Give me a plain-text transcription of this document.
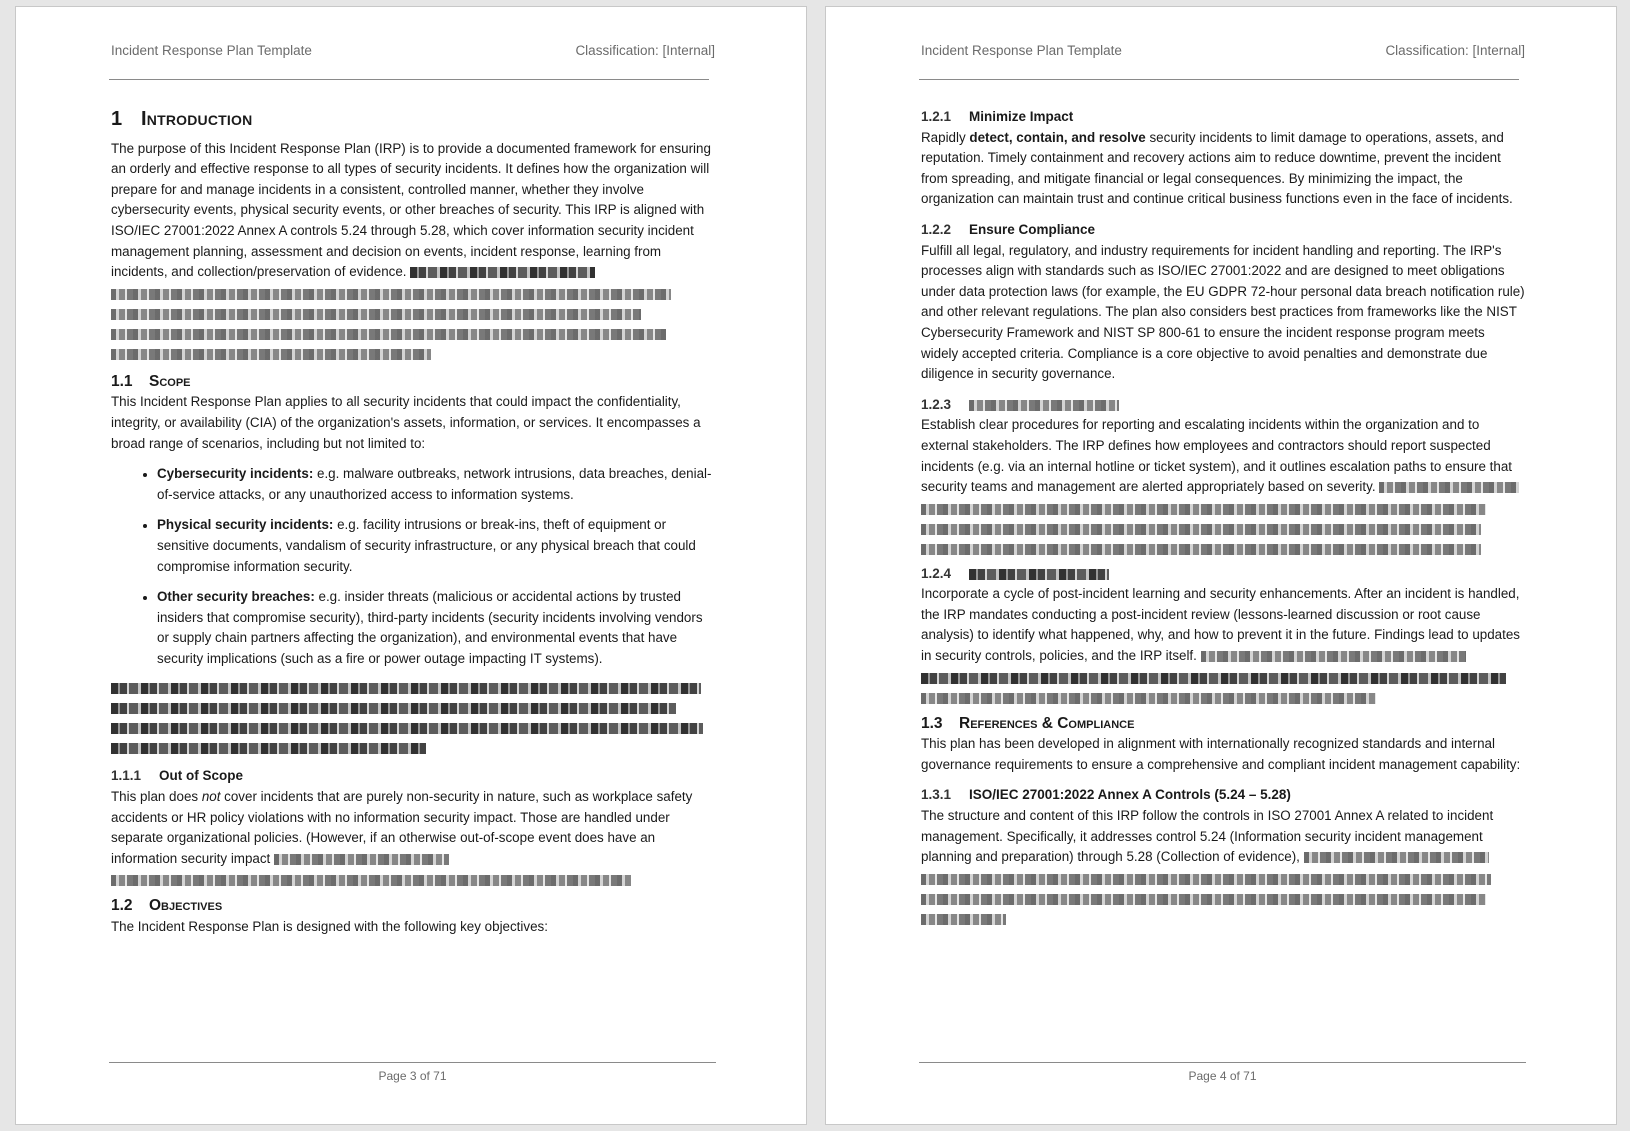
Incident Response Plan Template	Classification: [Internal]
1 Introduction

The purpose of this Incident Response Plan (IRP) is to provide a documented framework for ensuring an orderly and effective response to all types of security incidents. It defines how the organization will prepare for and manage incidents in a consistent, controlled manner, whether they involve cybersecurity events, physical security events, or other breaches of security. This IRP is aligned with ISO/IEC 27001:2022 Annex A controls 5.24 through 5.28, which cover information security incident management planning, assessment and decision on events, incident response, learning from incidents, and collection/preservation of evidence.

1.1 Scope

This Incident Response Plan applies to all security incidents that could impact the confidentiality, integrity, or availability (CIA) of the organization's assets, information, or services. It encompasses a broad range of scenarios, including but not limited to:

• Cybersecurity incidents: e.g. malware outbreaks, network intrusions, data breaches, denial-of-service attacks, or any unauthorized access to information systems.
• Physical security incidents: e.g. facility intrusions or break-ins, theft of equipment or sensitive documents, vandalism of security infrastructure, or any physical breach that could compromise information security.
• Other security breaches: e.g. insider threats (malicious or accidental actions by trusted insiders that compromise security), third-party incidents (security incidents involving vendors or supply chain partners affecting the organization), and environmental events that have security implications (such as a fire or power outage impacting IT systems).
1.1.1 Out of Scope

This plan does not cover incidents that are purely non-security in nature, such as workplace safety accidents or HR policy violations with no information security impact. Those are handled under separate organizational policies. (However, if an otherwise out-of-scope event does have an information security impact

1.2 Objectives

The Incident Response Plan is designed with the following key objectives:

Page 3 of 71
Incident Response Plan Template	Classification: [Internal]
1.2.1 Minimize Impact

Rapidly detect, contain, and resolve security incidents to limit damage to operations, assets, and reputation. Timely containment and recovery actions aim to reduce downtime, prevent the incident from spreading, and mitigate financial or legal consequences. By minimizing the impact, the organization can maintain trust and continue critical business functions even in the face of incidents.

1.2.2 Ensure Compliance

Fulfill all legal, regulatory, and industry requirements for incident handling and reporting. The IRP's processes align with standards such as ISO/IEC 27001:2022 and are designed to meet obligations under data protection laws (for example, the EU GDPR 72-hour personal data breach notification rule) and other relevant regulations. The plan also considers best practices from frameworks like the NIST Cybersecurity Framework and NIST SP 800-61 to ensure the incident response program meets widely accepted criteria. Compliance is a core objective to avoid penalties and demonstrate due diligence in security governance.

1.2.3

Establish clear procedures for reporting and escalating incidents within the organization and to external stakeholders. The IRP defines how employees and contractors should report suspected incidents (e.g. via an internal hotline or ticket system), and it outlines escalation paths to ensure that security teams and management are alerted appropriately based on severity.

1.2.4

Incorporate a cycle of post-incident learning and security enhancements. After an incident is handled, the IRP mandates conducting a post-incident review (lessons-learned discussion or root cause analysis) to identify what happened, why, and how to prevent it in the future. Findings lead to updates in security controls, policies, and the IRP itself.

1.3 References & Compliance

This plan has been developed in alignment with internationally recognized standards and internal governance requirements to ensure a comprehensive and compliant incident management capability:

1.3.1 ISO/IEC 27001:2022 Annex A Controls (5.24 – 5.28)

The structure and content of this IRP follow the controls in ISO 27001 Annex A related to incident management. Specifically, it addresses control 5.24 (Information security incident management planning and preparation) through 5.28 (Collection of evidence),

Page 4 of 71
